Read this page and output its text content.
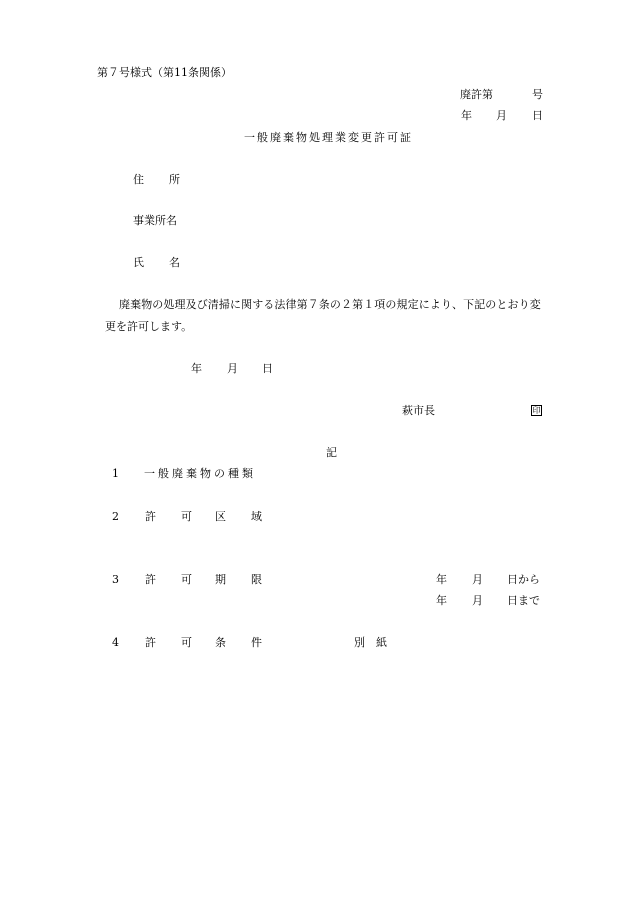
第７号様式（第11条関係）
廃許第	号
年 月 日
一般廃棄物処理業変更許可証
住 所
事業所名
氏 名
廃棄物の処理及び清掃に関する法律第７条の２第１項の規定により、下記のとおり変
更を許可します。
年 月 日
萩市長	印
記
1 一般廃棄物の種類
2 許 可 区 域
3 許 可 期 限	年 月 日から
年 月 日まで
4 許 可 条 件	別　紙
